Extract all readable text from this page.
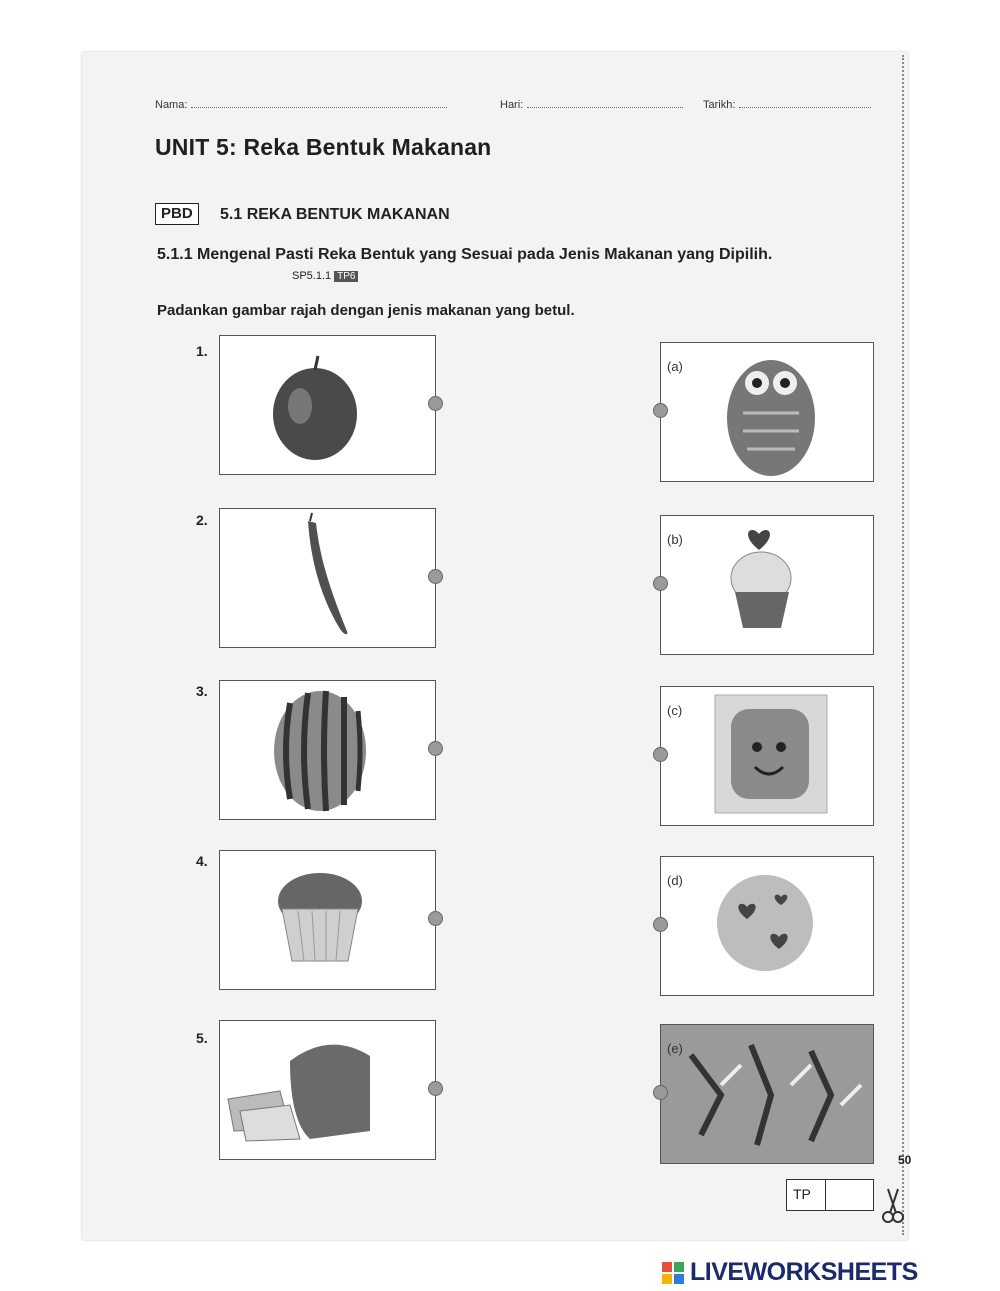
Nama:	Hari:	Tarikh:
UNIT 5: Reka Bentuk Makanan
PBD	5.1 REKA BENTUK MAKANAN
5.1.1 Mengenal Pasti Reka Bentuk yang Sesuai pada Jenis Makanan yang Dipilih.
SP5.1.1 TP6
Padankan gambar rajah dengan jenis makanan yang betul.
1.
2.
3.
4.
5.
(a)
(b)
(c)
(d)
(e)
50
TP
LIVEWORKSHEETS
